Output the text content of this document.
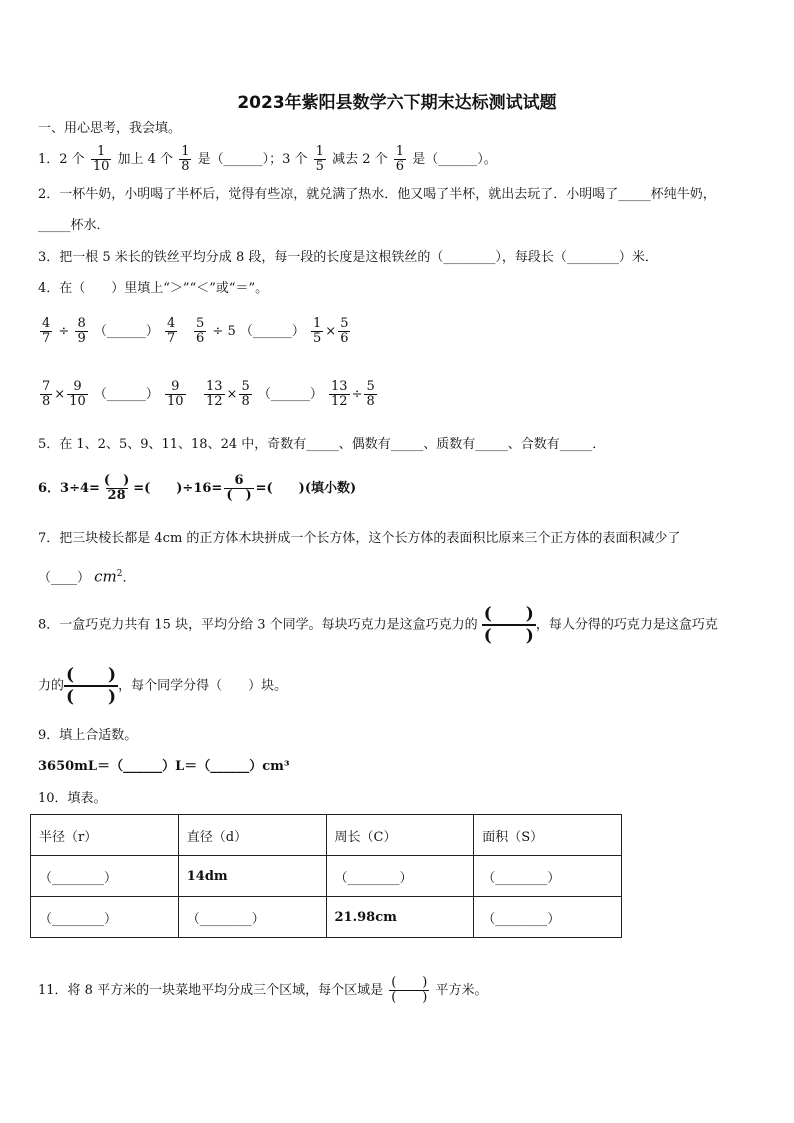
2023年紫阳县数学六下期末达标测试试题
一、用心思考，我会填。
1．2 个 $\frac{1}{10}$ 加上 4 个 $\frac{1}{8}$ 是（______）；3 个 $\frac{1}{5}$ 减去 2 个 $\frac{1}{6}$ 是（______）。
2．一杯牛奶，小明喝了半杯后，觉得有些凉，就兑满了热水．他又喝了半杯，就出去玩了．小明喝了_____杯纯牛奶，
_____杯水．
3．把一根 5 米长的铁丝平均分成 8 段，每一段的长度是这根铁丝的（________），每段长（________）米．
4．在（　　）里填上“＞”“＜”或“＝”。
$\frac{4}{7} \div \frac{8}{9}$ （______） $\frac{4}{7} \frac{5}{6} \div 5$ （______） $\frac{1}{5} \times \frac{5}{6}$
$\frac{7}{8} \times \frac{9}{10}$ （______） $\frac{9}{10} \frac{13}{12} \times \frac{5}{8}$ （______） $\frac{13}{12} \div \frac{5}{8}$
5．在 1、2、5、9、11、18、24 中，奇数有_____、偶数有_____、质数有_____、合数有_____．
6．$3\div 4= \frac{( )}{28}$ =(　　)$\div 16= \frac{6}{( )}$ =(　　)(填小数)
7．把三块棱长都是 4cm 的正方体木块拼成一个长方体，这个长方体的表面积比原来三个正方体的表面积减少了
（____） $cm^2$．
8．一盒巧克力共有 15 块，平均分给 3 个同学。每块巧克力是这盒巧克力的 $\frac{( )}{( )}$ ，每人分得的巧克力是这盒巧克
力的 $\frac{( )}{( )}$ ，每个同学分得（　　）块。
9．填上合适数。
3650mL＝（______）L＝（______）cm³
10．填表。
半径（r）	直径（d）	周长（C）	面积（S）
（________）	14dm	（________）	（________）
（________）	（________）	21.98cm	（________）
11．将 8 平方米的一块菜地平均分成三个区域，每个区域是 $\frac{( )}{( )}$ 平方米。
